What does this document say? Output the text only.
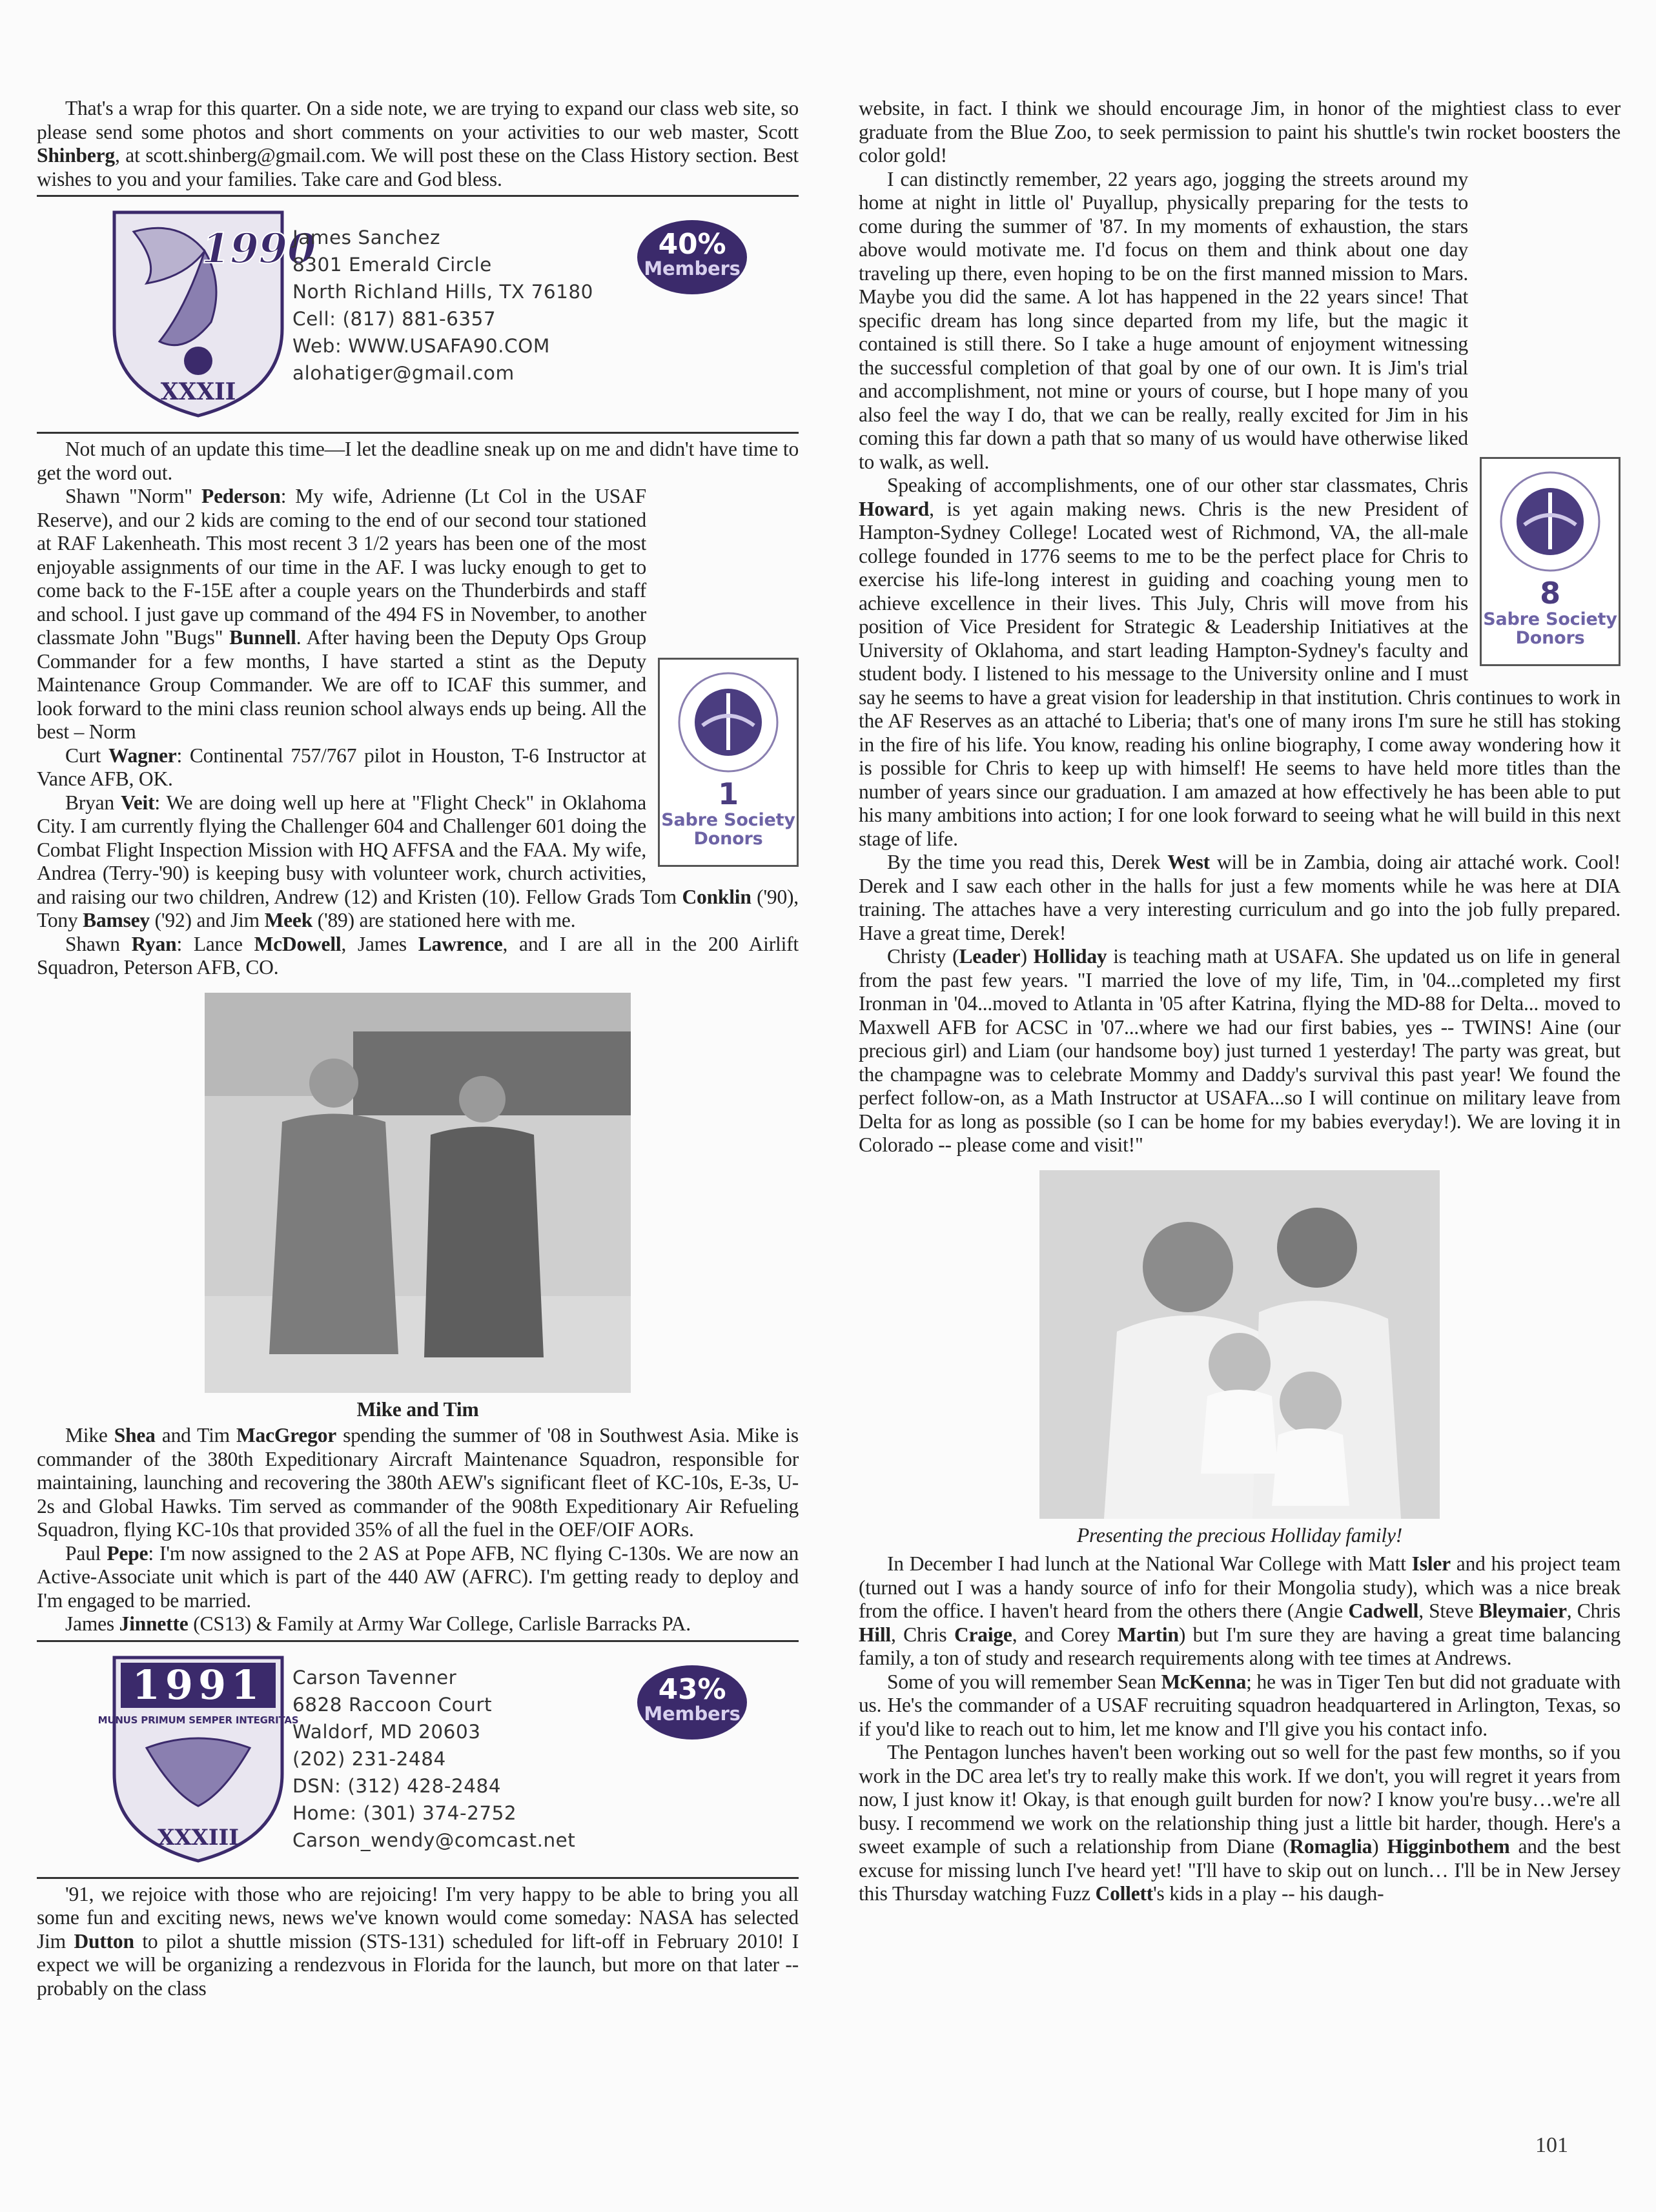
That's a wrap for this quarter. On a side note, we are trying to expand our class web site, so please send some photos and short comments on your activities to our web master, Scott Shinberg, at scott.shinberg@gmail.com. We will post these on the Class History section. Best wishes to you and your families. Take care and God bless.

1990
XXXII
James Sanchez
8301 Emerald Circle
North Richland Hills, TX 76180
Cell: (817) 881-6357
Web: WWW.USAFA90.COM
alohatiger@gmail.com
40%
Members

Not much of an update this time—I let the deadline sneak up on me and didn't have time to get the word out.

1
Sabre Society
Donors

Shawn "Norm" Pederson: My wife, Adrienne (Lt Col in the USAF Reserve), and our 2 kids are coming to the end of our second tour stationed at RAF Lakenheath. This most recent 3 1/2 years has been one of the most enjoyable assignments of our time in the AF. I was lucky enough to get to come back to the F-15E after a couple years on the Thunderbirds and staff and school. I just gave up command of the 494 FS in November, to another classmate John "Bugs" Bunnell. After having been the Deputy Ops Group Commander for a few months, I have started a stint as the Deputy Maintenance Group Commander. We are off to ICAF this summer, and look forward to the mini class reunion school always ends up being. All the best – Norm

Curt Wagner: Continental 757/767 pilot in Houston, T-6 Instructor at Vance AFB, OK.

Bryan Veit: We are doing well up here at "Flight Check" in Oklahoma City. I am currently flying the Challenger 604 and Challenger 601 doing the Combat Flight Inspection Mission with HQ AFFSA and the FAA. My wife, Andrea (Terry-'90) is keeping busy with volunteer work, church activities, and raising our two children, Andrew (12) and Kristen (10). Fellow Grads Tom Conklin ('90), Tony Bamsey ('92) and Jim Meek ('89) are stationed here with me.

Shawn Ryan: Lance McDowell, James Lawrence, and I are all in the 200 Airlift Squadron, Peterson AFB, CO.

Mike and Tim

Mike Shea and Tim MacGregor spending the summer of '08 in Southwest Asia. Mike is commander of the 380th Expeditionary Aircraft Maintenance Squadron, responsible for maintaining, launching and recovering the 380th AEW's significant fleet of KC-10s, E-3s, U-2s and Global Hawks. Tim served as commander of the 908th Expeditionary Air Refueling Squadron, flying KC-10s that provided 35% of all the fuel in the OEF/OIF AORs.

Paul Pepe: I'm now assigned to the 2 AS at Pope AFB, NC flying C-130s. We are now an Active-Associate unit which is part of the 440 AW (AFRC). I'm getting ready to deploy and I'm engaged to be married.

James Jinnette (CS13) & Family at Army War College, Carlisle Barracks PA.

1991
MUNUS PRIMUM SEMPER INTEGRITAS
XXXIII
Carson Tavenner
6828 Raccoon Court
Waldorf, MD 20603
(202) 231-2484
DSN: (312) 428-2484
Home: (301) 374-2752
Carson_wendy@comcast.net
43%
Members

'91, we rejoice with those who are rejoicing! I'm very happy to be able to bring you all some fun and exciting news, news we've known would come someday: NASA has selected Jim Dutton to pilot a shuttle mission (STS-131) scheduled for lift-off in February 2010! I expect we will be organizing a rendezvous in Florida for the launch, but more on that later -- probably on the class

website, in fact. I think we should encourage Jim, in honor of the mightiest class to ever graduate from the Blue Zoo, to seek permission to paint his shuttle's twin rocket boosters the color gold!

8
Sabre Society
Donors

I can distinctly remember, 22 years ago, jogging the streets around my home at night in little ol' Puyallup, physically preparing for the tests to come during the summer of '87. In my moments of exhaustion, the stars above would motivate me. I'd focus on them and think about one day traveling up there, even hoping to be on the first manned mission to Mars. Maybe you did the same. A lot has happened in the 22 years since! That specific dream has long since departed from my life, but the magic it contained is still there. So I take a huge amount of enjoyment witnessing the successful completion of that goal by one of our own. It is Jim's trial and accomplishment, not mine or yours of course, but I hope many of you also feel the way I do, that we can be really, really excited for Jim in his coming this far down a path that so many of us would have otherwise liked to walk, as well.

Speaking of accomplishments, one of our other star classmates, Chris Howard, is yet again making news. Chris is the new President of Hampton-Sydney College! Located west of Richmond, VA, the all-male college founded in 1776 seems to me to be the perfect place for Chris to exercise his life-long interest in guiding and coaching young men to achieve excellence in their lives. This July, Chris will move from his position of Vice President for Strategic & Leadership Initiatives at the University of Oklahoma, and start leading Hampton-Sydney's faculty and student body. I listened to his message to the University online and I must say he seems to have a great vision for leadership in that institution. Chris continues to work in the AF Reserves as an attaché to Liberia; that's one of many irons I'm sure he still has stoking in the fire of his life. You know, reading his online biography, I come away wondering how it is possible for Chris to keep up with himself! He seems to have held more titles than the number of years since our graduation. I am amazed at how effectively he has been able to put his many ambitions into action; I for one look forward to seeing what he will build in this next stage of life.

By the time you read this, Derek West will be in Zambia, doing air attaché work. Cool! Derek and I saw each other in the halls for just a few moments while he was here at DIA training. The attaches have a very interesting curriculum and go into the job fully prepared. Have a great time, Derek!

Christy (Leader) Holliday is teaching math at USAFA. She updated us on life in general from the past few years. "I married the love of my life, Tim, in '04...completed my first Ironman in '04...moved to Atlanta in '05 after Katrina, flying the MD-88 for Delta... moved to Maxwell AFB for ACSC in '07...where we had our first babies, yes -- TWINS! Aine (our precious girl) and Liam (our handsome boy) just turned 1 yesterday! The party was great, but the champagne was to celebrate Mommy and Daddy's survival this past year! We found the perfect follow-on, as a Math Instructor at USAFA...so I will continue on military leave from Delta for as long as possible (so I can be home for my babies everyday!). We are loving it in Colorado -- please come and visit!"

Presenting the precious Holliday family!

In December I had lunch at the National War College with Matt Isler and his project team (turned out I was a handy source of info for their Mongolia study), which was a nice break from the office. I haven't heard from the others there (Angie Cadwell, Steve Bleymaier, Chris Hill, Chris Craige, and Corey Martin) but I'm sure they are having a great time balancing family, a ton of study and research requirements along with tee times at Andrews.

Some of you will remember Sean McKenna; he was in Tiger Ten but did not graduate with us. He's the commander of a USAF recruiting squadron headquartered in Arlington, Texas, so if you'd like to reach out to him, let me know and I'll give you his contact info.

The Pentagon lunches haven't been working out so well for the past few months, so if you work in the DC area let's try to really make this work. If we don't, you will regret it years from now, I just know it! Okay, is that enough guilt burden for now? I know you're busy…we're all busy. I recommend we work on the relationship thing just a little bit harder, though. Here's a sweet example of such a relationship from Diane (Romaglia) Higginbothem and the best excuse for missing lunch I've heard yet! "I'll have to skip out on lunch… I'll be in New Jersey this Thursday watching Fuzz Collett's kids in a play -- his daugh-

101
